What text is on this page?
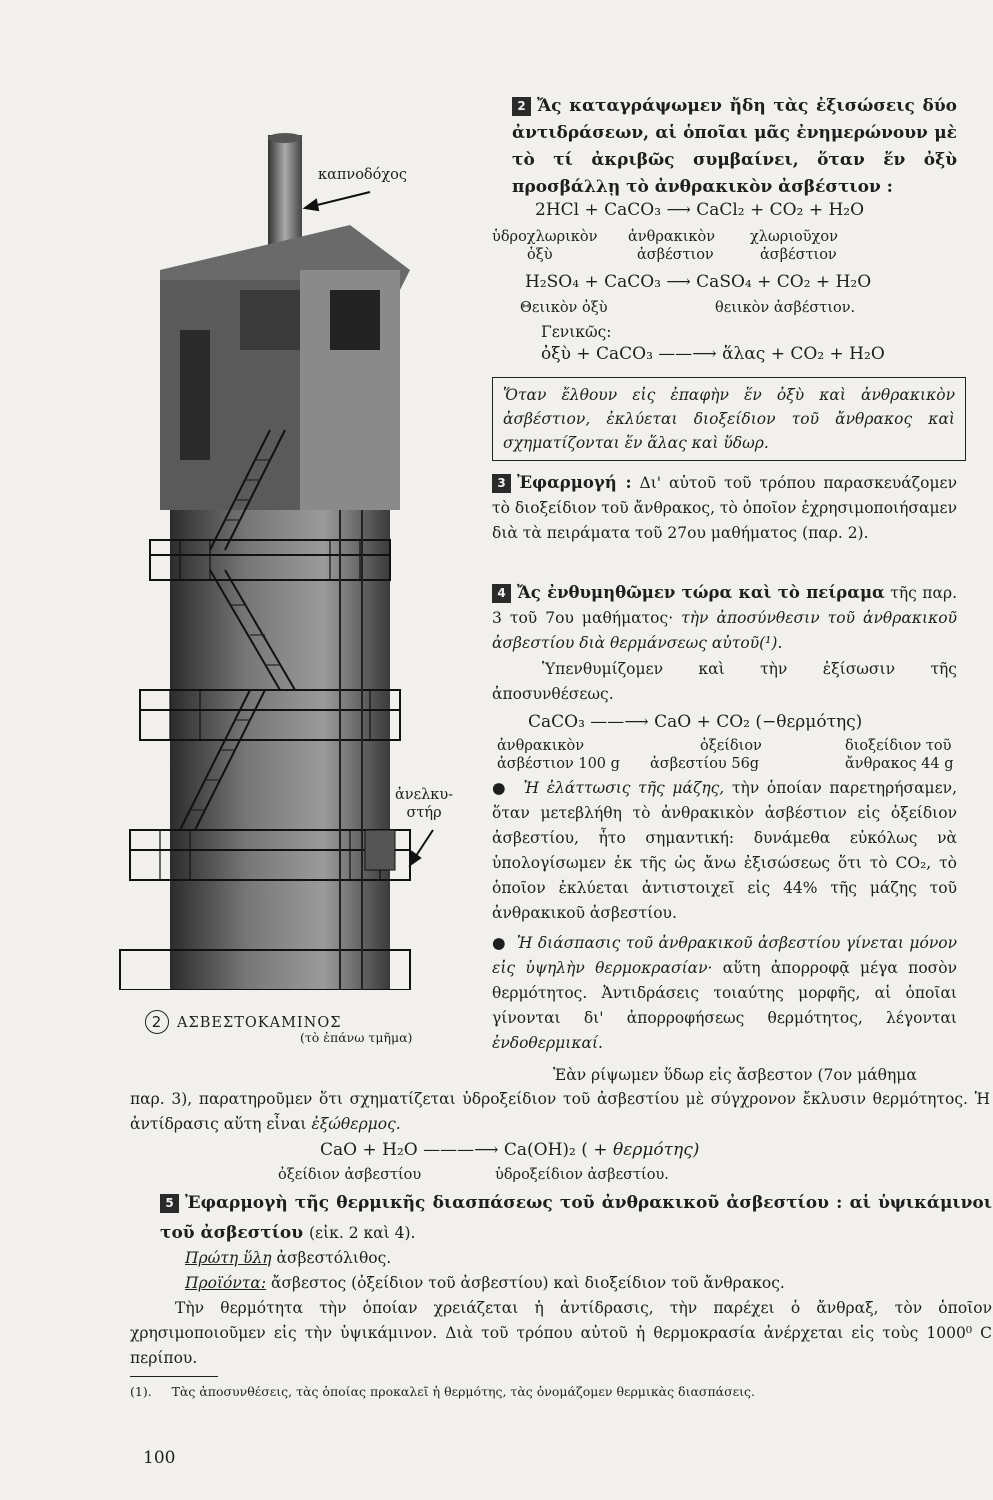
καπνοδόχος
ἀνελκυ-
στήρ
2 ΑΣΒΕΣΤΟΚΑΜΙΝΟΣ
(τὸ ἐπάνω τμῆμα)
2 Ἄς καταγράψωμεν ἤδη τὰς ἐξισώσεις δύο ἀντιδράσεων, αἱ ὁποῖαι μᾶς ἐνημερώνουν μὲ τὸ τί ἀκριβῶς συμβαίνει, ὅταν ἕν ὀξὺ προσβάλλῃ τὸ ἀνθρακικὸν ἀσβέστιον :
2HCl + CaCO₃ ⟶ CaCl₂ + CO₂ + H₂O
ὑδροχλωρικὸν
ὀξὺ
ἀνθρακικὸν
ἀσβέστιον
χλωριοῦχον
ἀσβέστιον
H₂SO₄ + CaCO₃ ⟶ CaSO₄ + CO₂ + H₂O
Θειικὸν ὀξὺ	θειικὸν ἀσβέστιον.
Γενικῶς:
ὀξὺ + CaCO₃ ——⟶ ἅλας + CO₂ + H₂O
Ὅταν ἔλθουν εἰς ἐπαφὴν ἕν ὀξὺ καὶ ἀνθρακικὸν ἀσβέστιον, ἐκλύεται διοξείδιον τοῦ ἄνθρακος καὶ σχηματίζονται ἕν ἅλας καὶ ὕδωρ.
3 Ἐφαρμογή : Δι' αὐτοῦ τοῦ τρόπου παρασκευάζομεν τὸ διοξείδιον τοῦ ἄνθρακος, τὸ ὁποῖον ἐχρησιμοποιήσαμεν διὰ τὰ πειράματα τοῦ 27ου μαθήματος (παρ. 2).
4 Ἄς ἐνθυμηθῶμεν τώρα καὶ τὸ πείραμα τῆς παρ. 3 τοῦ 7ου μαθήματος· τὴν ἀποσύνθεσιν τοῦ ἀνθρακικοῦ ἀσβεστίου διὰ θερμάνσεως αὐτοῦ(¹).
Ὑπενθυμίζομεν καὶ τὴν ἐξίσωσιν τῆς ἀποσυνθέσεως.
CaCO₃ ——⟶ CaO + CO₂ (−θερμότης)
ἀνθρακικὸν
ἀσβέστιον 100 g
ὀξείδιον
ἀσβεστίου 56g
διοξείδιον τοῦ
ἄνθρακος 44 g
●  Ἡ ἐλάττωσις τῆς μάζης, τὴν ὁποίαν παρετηρήσαμεν, ὅταν μετεβλήθη τὸ ἀνθρακικὸν ἀσβέστιον εἰς ὀξείδιον ἀσβεστίου, ἦτο σημαντική: δυνάμεθα εὐκόλως νὰ ὑπολογίσωμεν ἐκ τῆς ὡς ἄνω ἐξισώσεως ὅτι τὸ CO₂, τὸ ὁποῖον ἐκλύεται ἀντιστοιχεῖ εἰς 44% τῆς μάζης τοῦ ἀνθρακικοῦ ἀσβεστίου.
●  Ἡ διάσπασις τοῦ ἀνθρακικοῦ ἀσβεστίου γίνεται μόνον εἰς ὑψηλὴν θερμοκρασίαν· αὕτη ἀπορροφᾷ μέγα ποσὸν θερμότητος. Ἀντιδράσεις τοιαύτης μορφῆς, αἱ ὁποῖαι γίνονται δι' ἀπορροφήσεως θερμότητος, λέγονται ἐνδοθερμικαί.
Ἐὰν ρίψωμεν ὕδωρ εἰς ἄσβεστον (7ον μάθημα
παρ. 3), παρατηροῦμεν ὅτι σχηματίζεται ὑδροξείδιον τοῦ ἀσβεστίου μὲ σύγχρονον ἔκλυσιν θερμότητος. Ἡ ἀντίδρασις αὕτη εἶναι ἐξώθερμος.
CaO + H₂O ———⟶ Ca(OH)₂ ( + θερμότης)
ὀξείδιον ἀσβεστίου	ὑδροξείδιον ἀσβεστίου.
5 Ἐφαρμογὴ τῆς θερμικῆς διασπάσεως τοῦ ἀνθρακικοῦ ἀσβεστίου : αἱ ὑψικάμινοι τοῦ ἀσβεστίου (εἰκ. 2 καὶ 4).
Πρώτη ὕλη ἀσβεστόλιθος.
Προϊόντα: ἄσβεστος (ὀξείδιον τοῦ ἀσβεστίου) καὶ διοξείδιον τοῦ ἄνθρακος.
Τὴν θερμότητα τὴν ὁποίαν χρειάζεται ἡ ἀντίδρασις, τὴν παρέχει ὁ ἄνθραξ, τὸν ὁποῖον χρησιμοποιοῦμεν εἰς τὴν ὑψικάμινον. Διὰ τοῦ τρόπου αὐτοῦ ἡ θερμοκρασία ἀνέρχεται εἰς τοὺς 1000⁰ C περίπου.
(1). Τὰς ἀποσυνθέσεις, τὰς ὁποίας προκαλεῖ ἡ θερμότης, τὰς ὀνομάζομεν θερμικὰς διασπάσεις.
100
